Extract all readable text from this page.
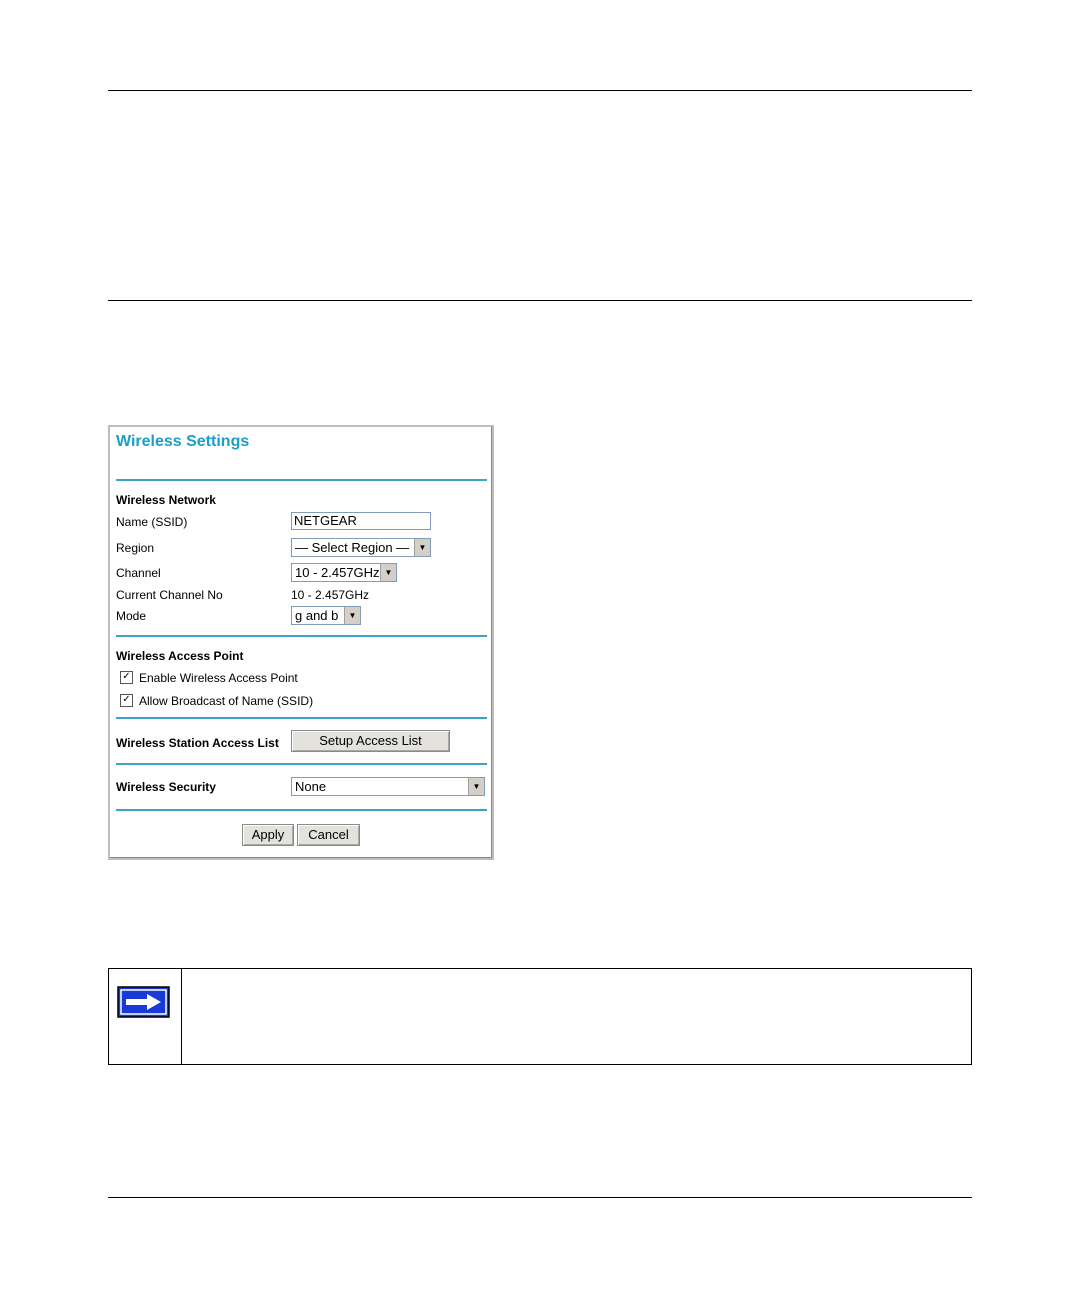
Wireless Settings
Wireless Network
Name (SSID)	NETGEAR
Region	— Select Region —	▼
Channel	10 - 2.457GHz ▼
Current Channel No	10 - 2.457GHz
Mode	g and b	▼
Wireless Access Point
✓ Enable Wireless Access Point
✓ Allow Broadcast of Name (SSID)
Wireless Station Access List	Setup Access List
Wireless Security	None	▼
Apply	Cancel
